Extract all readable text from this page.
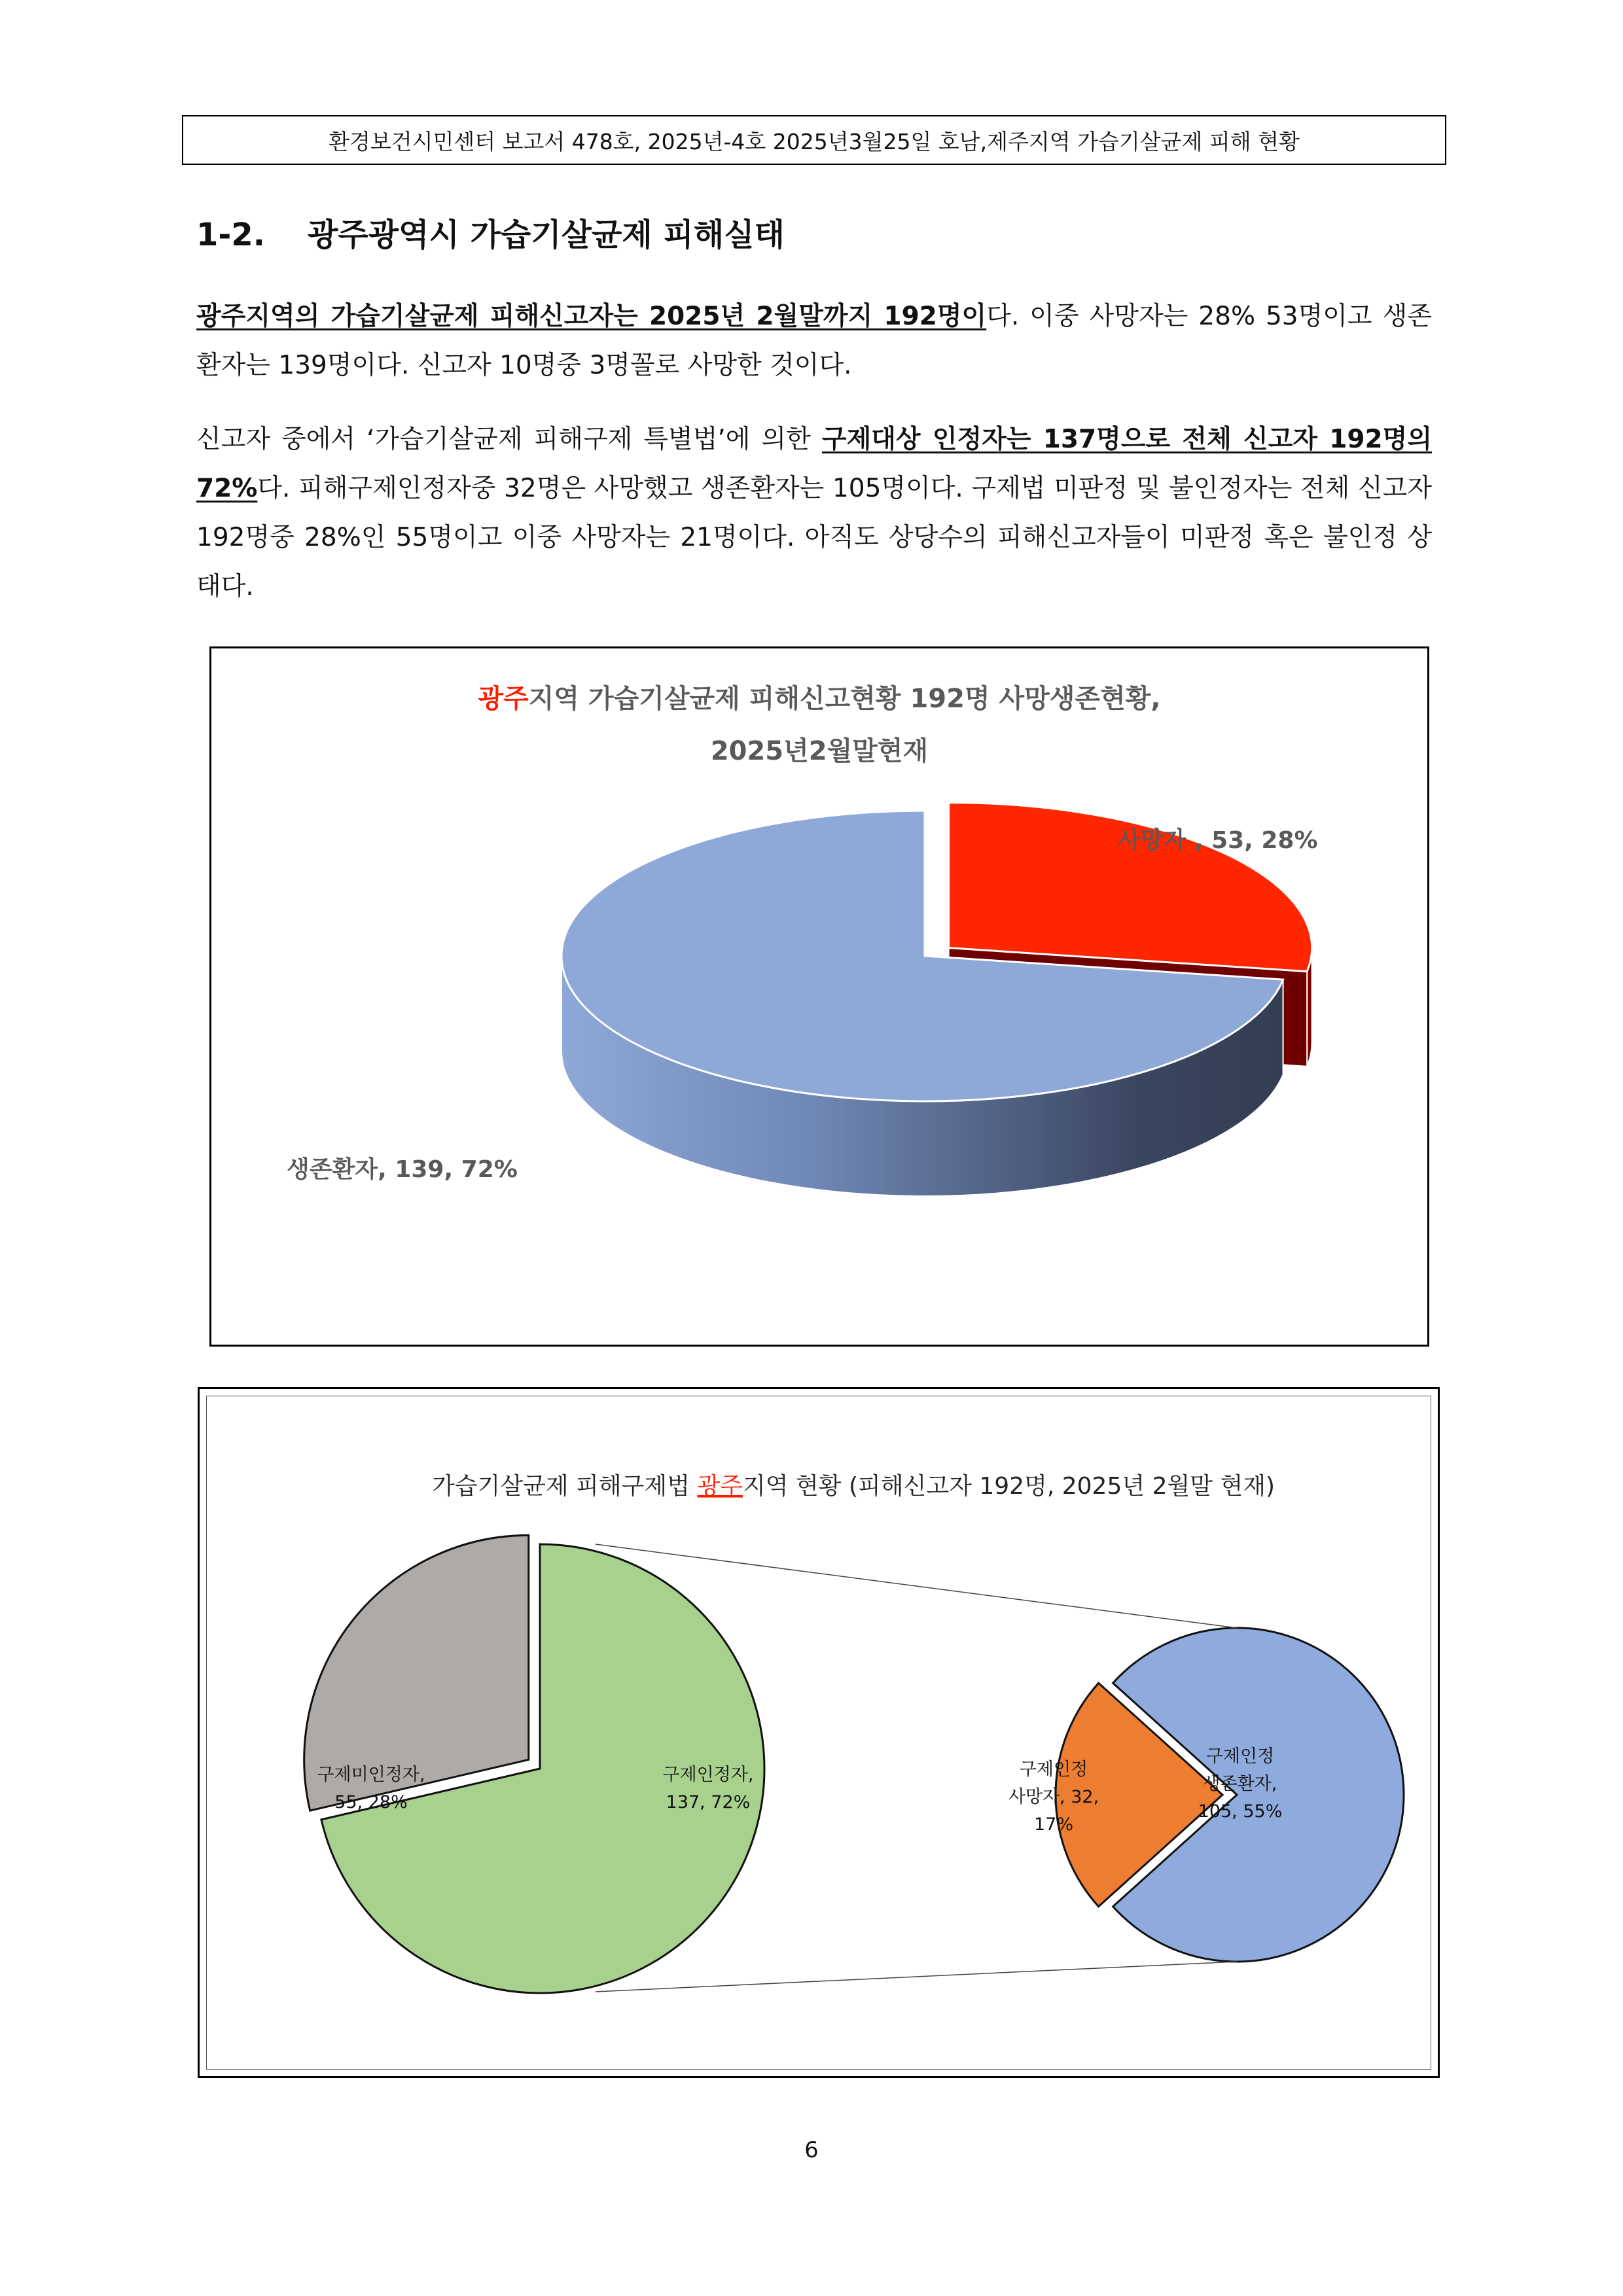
환경보건시민센터 보고서 478호, 2025년-4호 2025년3월25일 호남,제주지역 가습기살균제 피해 현황
1-2. 광주광역시 가습기살균제 피해실태

광주지역의 가습기살균제 피해신고자는 2025년 2월말까지 192명이다. 이중 사망자는 28% 53명이고 생존환자는 139명이다. 신고자 10명중 3명꼴로 사망한 것이다.

신고자 중에서 ‘가습기살균제 피해구제 특별법’에 의한 구제대상 인정자는 137명으로 전체 신고자 192명의 72%다. 피해구제인정자중 32명은 사망했고 생존환자는 105명이다. 구제법 미판정 및 불인정자는 전체 신고자 192명중 28%인 55명이고 이중 사망자는 21명이다. 아직도 상당수의 피해신고자들이 미판정 혹은 불인정 상태다.

광주지역 가습기살균제 피해신고현황 192명 사망생존현황,
2025년2월말현재
사망자 , 53, 28%
생존환자, 139, 72%
가습기살균제 피해구제법 광주지역 현황 (피해신고자 192명, 2025년 2월말 현재)
구제미인정자,
55, 28%
구제인정자,
137, 72%
구제인정
사망자, 32,
17%
구제인정
생존환자,
105, 55%
6
